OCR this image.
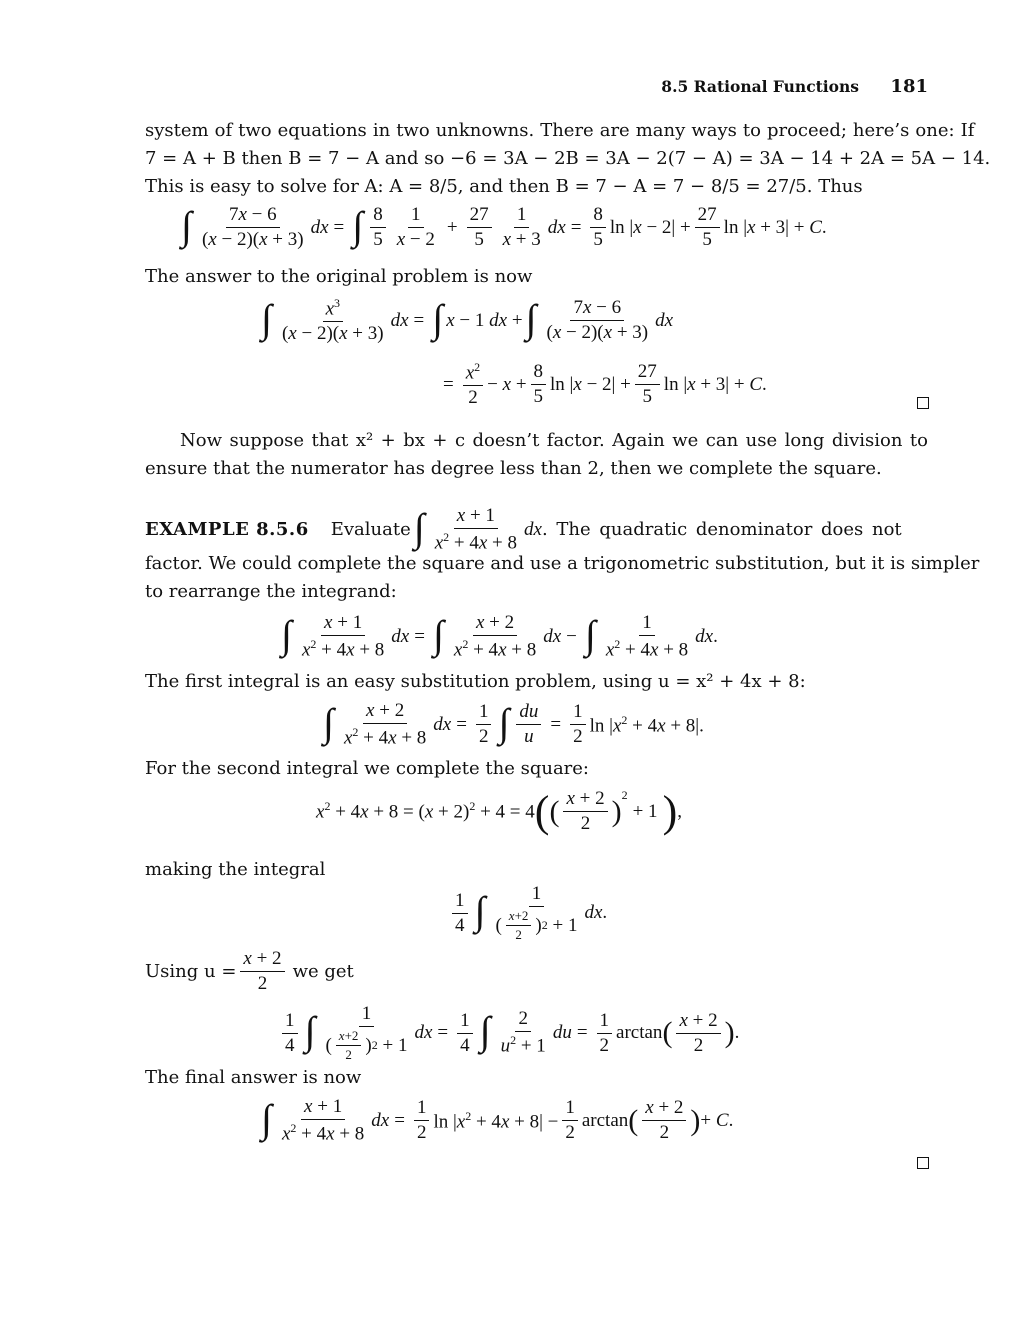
8.5 Rational Functions 181
system of two equations in two unknowns. There are many ways to proceed; here’s one: If
7 = A + B then B = 7 − A and so −6 = 3A − 2B = 3A − 2(7 − A) = 3A − 14 + 2A = 5A − 14.
This is easy to solve for A: A = 8/5, and then B = 7 − A = 7 − 8/5 = 27/5. Thus
∫ $\frac{7x - 6}{(x - 2)(x + 3)}$ dx = ∫ $\frac{8}{5} \frac{1}{x - 2} + \frac{27}{5} \frac{1}{x + 3}$ dx = $\frac{8}{5}$ $\ln |x - 2| + \frac{27}{5}$ ln |x + 3| + C.
The answer to the original problem is now
∫ $\frac{x^3}{(x - 2)(x + 3)}$ dx = ∫ x − 1 dx + ∫ $\frac{7x - 6}{(x - 2)(x + 3)}$ dx
= $\frac{x^2}{2} - x + \frac{8}{5}$ $\ln |x - 2| + \frac{27}{5}$ ln |x + 3| + C.
Now suppose that x² + bx + c doesn’t factor. Again we can use long division to ensure that the numerator has degree less than 2, then we complete the square.
EXAMPLE 8.5.6 Evaluate ∫ $\frac{x + 1}{x^2 + 4x + 8}$ dx . The quadratic denominator does not
factor. We could complete the square and use a trigonometric substitution, but it is simpler
to rearrange the integrand:
∫ $\frac{x + 1}{x^2 + 4x + 8}$ dx = ∫ $\frac{x + 2}{x^2 + 4x + 8}$ dx − ∫ $\frac{1}{x^2 + 4x + 8}$ dx .
The first integral is an easy substitution problem, using u = x² + 4x + 8:
∫ $\frac{x + 2}{x^2 + 4x + 8}$ dx = $\frac{1}{2}$ ∫ $\frac{du}{u} = \frac{1}{2}$ $\ln |x^2 + 4x + 8|$.
For the second integral we complete the square:
$x^2 + 4x + 8 = (x + 2)^2 + 4 = 4$ ( ( $\frac{x + 2}{2} )^2$
+ 1 ) ,
making the integral
$\frac{1}{4}$ ∫ $\frac{1}{( \frac{x+2}{2} ) 2 + 1}$ dx .
Using $u = \frac{x + 2}{2}$ we get
$\frac{1}{4}$ ∫ $\frac{1}{( \frac{x+2}{2} ) 2 + 1}$ dx = $\frac{1}{4}$ ∫ $\frac{2}{u^2 + 1}$ du = $\frac{1}{2}$ arctan ( $\frac{x + 2}{2}$ ) .
The final answer is now
∫ $\frac{x + 1}{x^2 + 4x + 8}$ dx = $\frac{1}{2}$ $\ln |x^2 + 4x + 8| - \frac{1}{2}$ arctan ( $\frac{x + 2}{2}$ ) + C.
